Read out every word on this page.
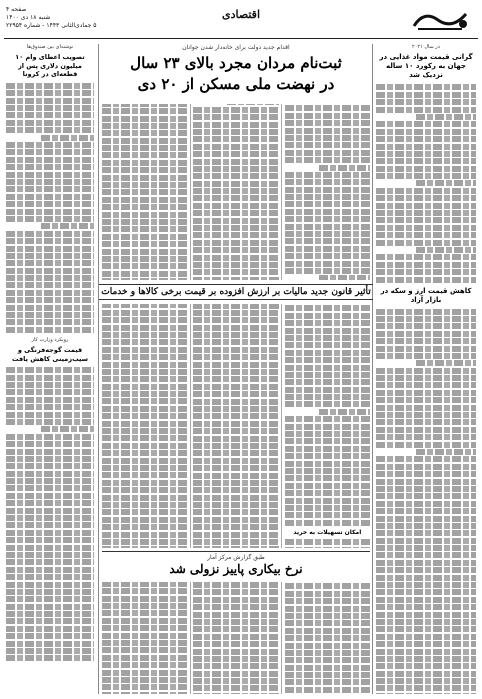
اقتصادی
صفحه ۴
شنبه ۱۸ دی ۱۴۰۰
۵ جمادی‌الثانی ۱۴۴۳ - شماره ۲۲۹۵۴
در سال ۲۰۲۱
گرانی قیمت مواد غذایی در جهان به رکورد ۱۰ ساله نزدیک شد
کاهش قیمت ارز و سکه در بازار آزاد
نوشته‌ای بین صندوق‌ها
تصویب اعطای وام ۱۰ میلیون دلاری پس از قطعه‌ای در کرونا
رویکرد وزارت کار
قیمت گوجه‌فرنگی و سیب‌زمینی کاهش یافت
اقدام جدید دولت برای خانه‌دار شدن جوانان
ثبت‌نام مردان مجرد بالای ۲۳ سال
در نهضت ملی مسکن از ۲۰ دی
تأثیر قانون جدید مالیات بر ارزش افزوده بر قیمت برخی کالاها و خدمات
امکان تسهیلات به خرید
طبق گزارش مرکز آمار
نرخ بیکاری پاییز نزولی شد
